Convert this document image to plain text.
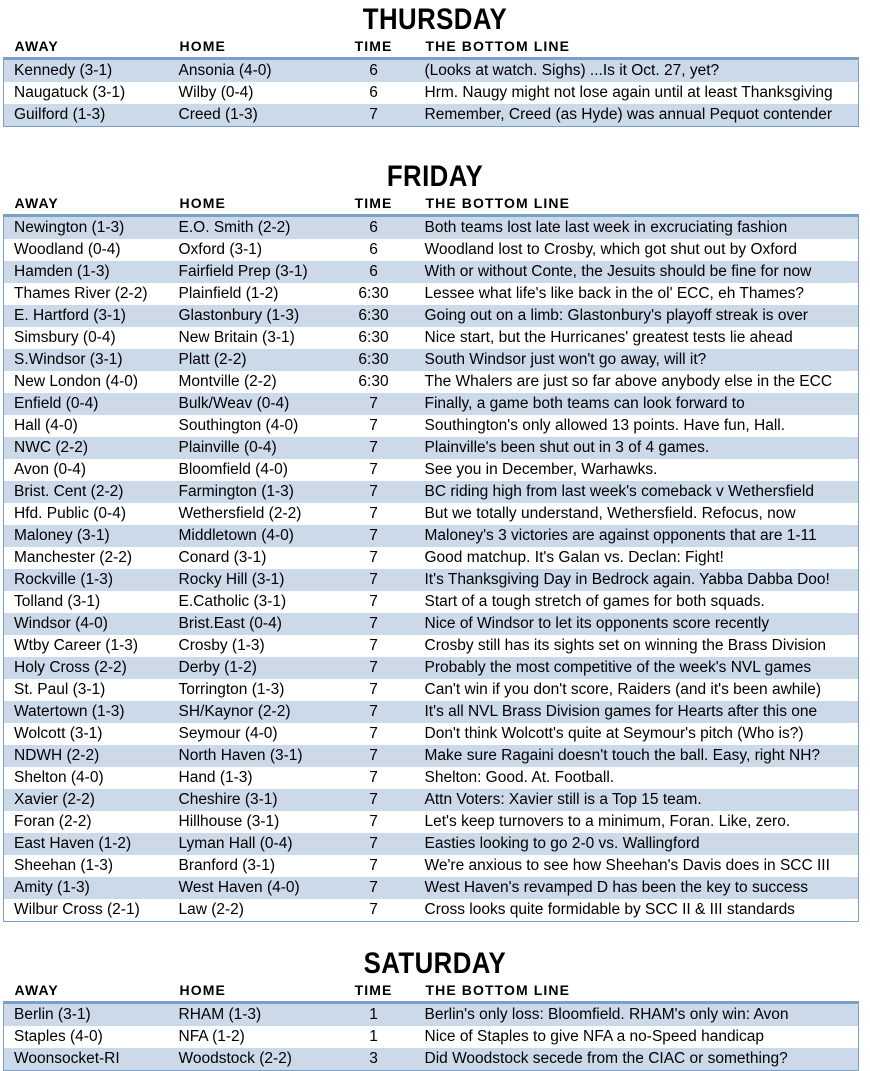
THURSDAY
AWAY	HOME	TIME	THE BOTTOM LINE
Kennedy (3-1)	Ansonia (4-0)	6	(Looks at watch. Sighs) ...Is it Oct. 27, yet?
Naugatuck (3-1)	Wilby (0-4)	6	Hrm. Naugy might not lose again until at least Thanksgiving
Guilford (1-3)	Creed (1-3)	7	Remember, Creed (as Hyde) was annual Pequot contender
FRIDAY
AWAY	HOME	TIME	THE BOTTOM LINE
Newington (1-3)	E.O. Smith (2-2)	6	Both teams lost late last week in excruciating fashion
Woodland (0-4)	Oxford (3-1)	6	Woodland lost to Crosby, which got shut out by Oxford
Hamden (1-3)	Fairfield Prep (3-1)	6	With or without Conte, the Jesuits should be fine for now
Thames River (2-2)	Plainfield (1-2)	6:30	Lessee what life's like back in the ol' ECC, eh Thames?
E. Hartford (3-1)	Glastonbury (1-3)	6:30	Going out on a limb: Glastonbury's playoff streak is over
Simsbury (0-4)	New Britain (3-1)	6:30	Nice start, but the Hurricanes' greatest tests lie ahead
S.Windsor (3-1)	Platt (2-2)	6:30	South Windsor just won't go away, will it?
New London (4-0)	Montville (2-2)	6:30	The Whalers are just so far above anybody else in the ECC
Enfield (0-4)	Bulk/Weav (0-4)	7	Finally, a game both teams can look forward to
Hall (4-0)	Southington (4-0)	7	Southington's only allowed 13 points. Have fun, Hall.
NWC (2-2)	Plainville (0-4)	7	Plainville's been shut out in 3 of 4 games.
Avon (0-4)	Bloomfield (4-0)	7	See you in December, Warhawks.
Brist. Cent (2-2)	Farmington (1-3)	7	BC riding high from last week's comeback v Wethersfield
Hfd. Public (0-4)	Wethersfield (2-2)	7	But we totally understand, Wethersfield. Refocus, now
Maloney (3-1)	Middletown (4-0)	7	Maloney's 3 victories are against opponents that are 1-11
Manchester (2-2)	Conard (3-1)	7	Good matchup. It's Galan vs. Declan: Fight!
Rockville (1-3)	Rocky Hill (3-1)	7	It's Thanksgiving Day in Bedrock again. Yabba Dabba Doo!
Tolland (3-1)	E.Catholic (3-1)	7	Start of a tough stretch of games for both squads.
Windsor (4-0)	Brist.East (0-4)	7	Nice of Windsor to let its opponents score recently
Wtby Career (1-3)	Crosby (1-3)	7	Crosby still has its sights set on winning the Brass Division
Holy Cross (2-2)	Derby (1-2)	7	Probably the most competitive of the week's NVL games
St. Paul (3-1)	Torrington (1-3)	7	Can't win if you don't score, Raiders (and it's been awhile)
Watertown (1-3)	SH/Kaynor (2-2)	7	It's all NVL Brass Division games for Hearts after this one
Wolcott (3-1)	Seymour (4-0)	7	Don't think Wolcott's quite at Seymour's pitch (Who is?)
NDWH (2-2)	North Haven (3-1)	7	Make sure Ragaini doesn't touch the ball. Easy, right NH?
Shelton (4-0)	Hand (1-3)	7	Shelton: Good. At. Football.
Xavier (2-2)	Cheshire (3-1)	7	Attn Voters: Xavier still is a Top 15 team.
Foran (2-2)	Hillhouse (3-1)	7	Let's keep turnovers to a minimum, Foran. Like, zero.
East Haven (1-2)	Lyman Hall (0-4)	7	Easties looking to go 2-0 vs. Wallingford
Sheehan (1-3)	Branford (3-1)	7	We're anxious to see how Sheehan's Davis does in SCC III
Amity (1-3)	West Haven (4-0)	7	West Haven's revamped D has been the key to success
Wilbur Cross (2-1)	Law (2-2)	7	Cross looks quite formidable by SCC II & III standards
SATURDAY
AWAY	HOME	TIME	THE BOTTOM LINE
Berlin (3-1)	RHAM (1-3)	1	Berlin's only loss: Bloomfield. RHAM's only win: Avon
Staples (4-0)	NFA (1-2)	1	Nice of Staples to give NFA a no-Speed handicap
Woonsocket-RI	Woodstock (2-2)	3	Did Woodstock secede from the CIAC or something?
